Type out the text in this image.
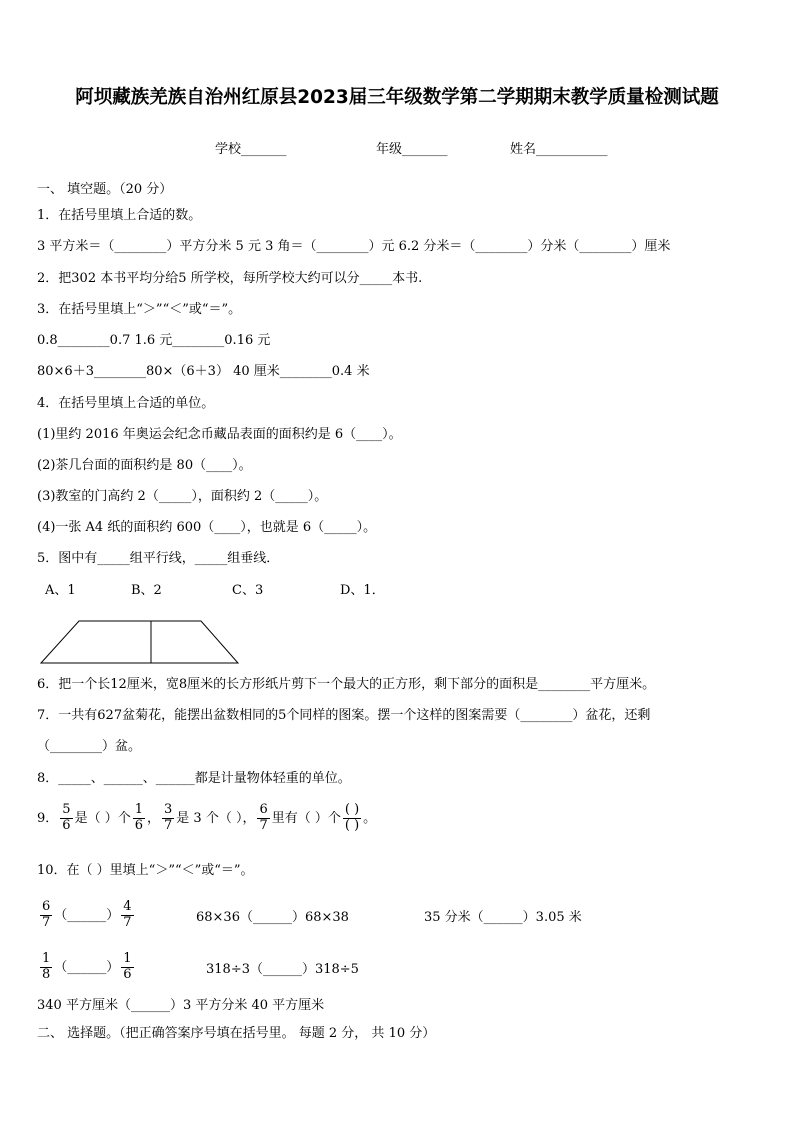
阿坝藏族羌族自治州红原县2023届三年级数学第二学期期末教学质量检测试题
学校_______	年级_______	姓名___________
一、 填空题。（20 分）
1．在括号里填上合适的数。
3 平方米＝（________）平方分米 5 元 3 角＝（________）元 6.2 分米＝（________）分米（________）厘米
2．把302 本书平均分给5 所学校，每所学校大约可以分_____本书.
3．在括号里填上“＞”“＜”或“＝”。
0.8________0.7 1.6 元________0.16 元
80×6＋3________80×（6＋3） 40 厘米________0.4 米
4．在括号里填上合适的单位。
(1)里约 2016 年奥运会纪念币藏品表面的面积约是 6（____）。
(2)茶几台面的面积约是 80（____）。
(3)教室的门高约 2（_____），面积约 2（_____）。
(4)一张 A4 纸的面积约 600（____），也就是 6（_____）。
5．图中有_____组平行线，_____组垂线．
A、1	B、2	C、3	D、1．
6．把一个长12厘米，宽8厘米的长方形纸片剪下一个最大的正方形，剩下部分的面积是________平方厘米。
7．一共有627盆菊花，能摆出盆数相同的5个同样的图案。摆一个这样的图案需要（________）盆花，还剩
（________）盆。
8．_____、______、______都是计量物体轻重的单位。
9． $\frac{5}{6}$ 是（ ）个 $\frac{1}{6}$ ， $\frac{3}{7}$ 是 3 个（ ）， $\frac{6}{7}$ 里有（ ）个
( )
( ) 。
10．在（ ）里填上“＞”“＜”或“＝”。
$\frac{6}{7}$ （______） $\frac{4}{7}$	68×36（______）68×38	35 分米（______）3.05 米
$\frac{1}{8}$ （______） $\frac{1}{6}$	318÷3（______）318÷5
340 平方厘米（______）3 平方分米 40 平方厘米
二、 选择题。（把正确答案序号填在括号里。 每题 2 分， 共 10 分）
